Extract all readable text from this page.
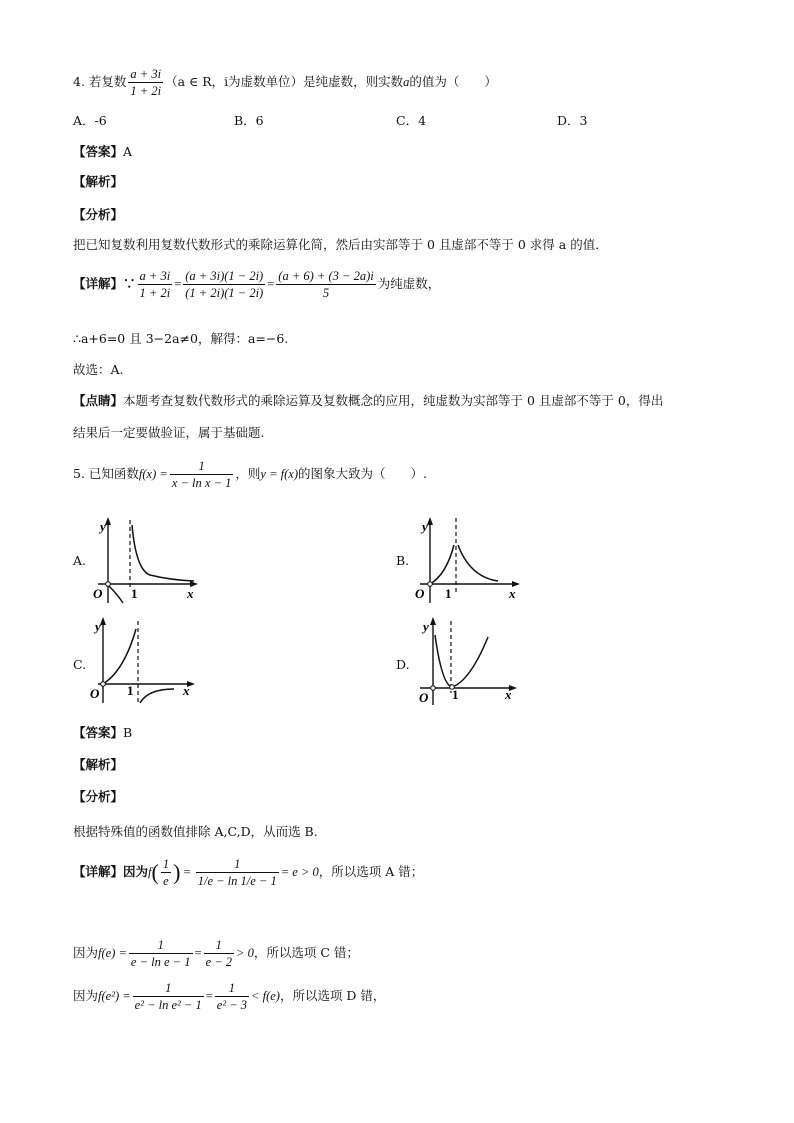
4. 若复数 $\frac{a + 3i}{1 + 2i} (a$ ∈ R，i为虚数单位）是纯虚数，则实数a的值为（　　）
A．-6	B．6	C．4	D．3
【答案】A
【解析】
【分析】
把已知复数利用复数代数形式的乘除运算化简，然后由实部等于 0 且虚部不等于 0 求得 a 的值．
【详解】∵ $\frac{a + 3i}{1 + 2i} = \frac{(a + 3i)(1 - 2i)}{(1 + 2i)(1 - 2i)} = \frac{(a + 6) + (3 - 2a)i}{5}$ 为纯虚数，
∴a+6=0 且 3−2a≠0，解得：a=−6.
故选：A.
【点睛】本题考查复数代数形式的乘除运算及复数概念的应用，纯虚数为实部等于 0 且虚部不等于 0，得出
结果后一定要做验证，属于基础题.
5. 已知函数$f(x) = \frac{1}{\text{x − ln x − 1}}$ ，则y = f(x)的图象大致为（　　）.
A.
y
O 1	x
B.
y
O 1	x
C.
y
O 1	x
D.
y
O 1	x
【答案】B
【解析】
【分析】
根据特殊值的函数值排除 A,C,D，从而选 B.
【详解】因为$f( \frac{1}{e}$ ) = $\frac{1}{1/e - \ln 1/e - 1} = e > 0$，所以选项 A 错；
因为$f(e) = \frac{1}{\text{e − ln e − 1}} = \frac{1}{e - 2} > 0$，所以选项 C 错；
因为$f(e^2) = \frac{1}{\text{e² − ln e² − 1}} = \frac{1}{\text{e² − 3}} < f(e)$，所以选项 D 错，
